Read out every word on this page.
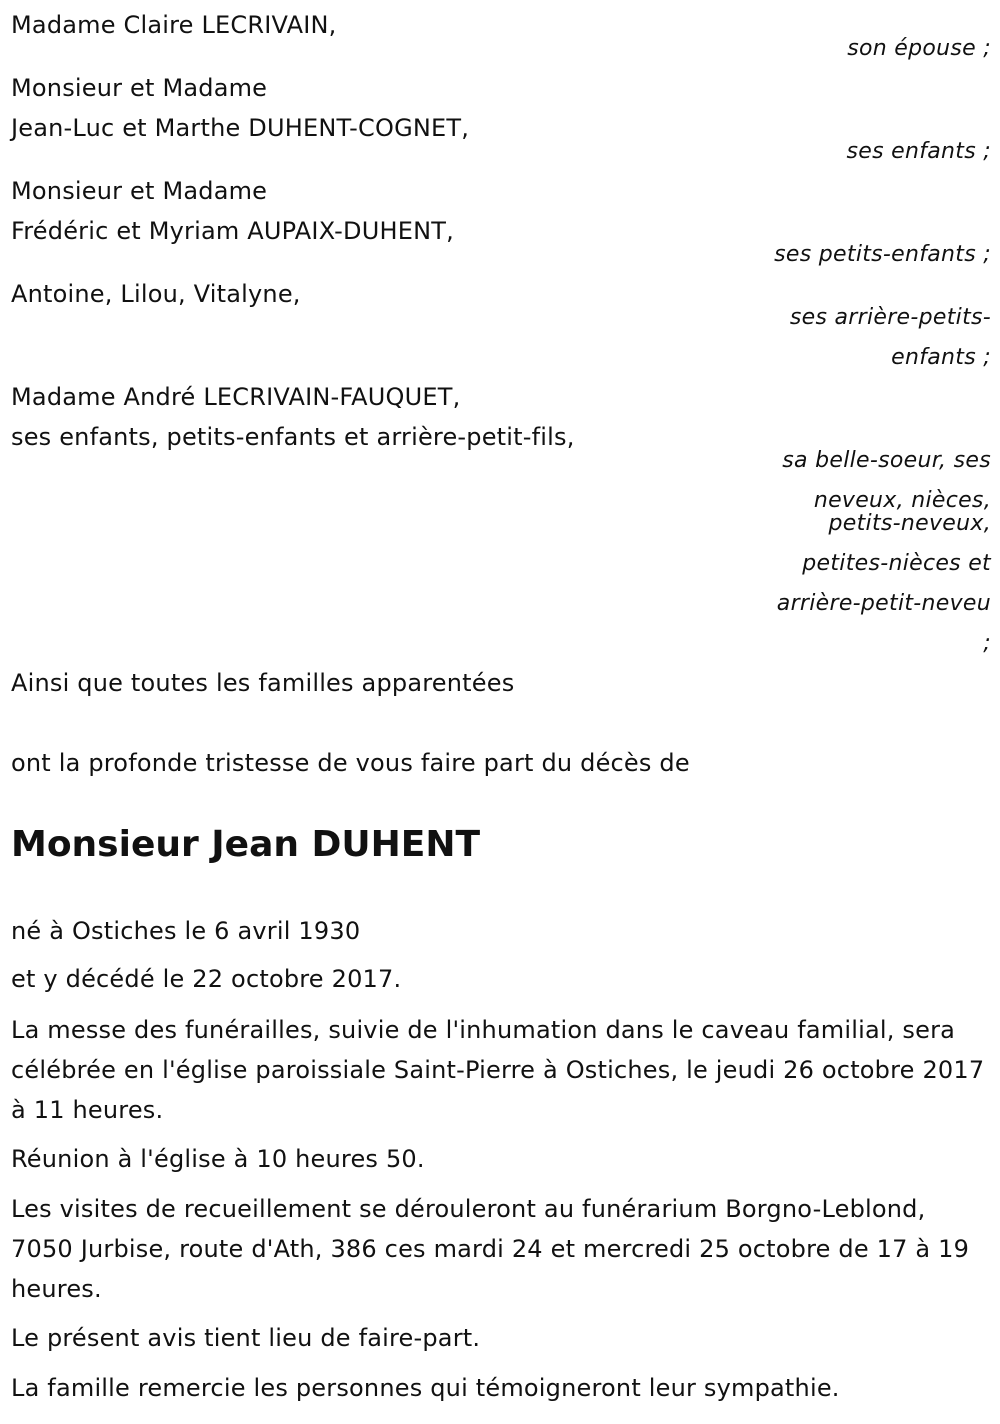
Madame Claire LECRIVAIN,
son épouse ;
Monsieur et Madame
Jean-Luc et Marthe DUHENT-COGNET,
ses enfants ;
Monsieur et Madame
Frédéric et Myriam AUPAIX-DUHENT,
ses petits-enfants ;
Antoine, Lilou, Vitalyne,
ses arrière-petits-
enfants ;
Madame André LECRIVAIN-FAUQUET,
ses enfants, petits-enfants et arrière-petit-fils,
sa belle-soeur, ses
neveux, nièces,
petits-neveux,
petites-nièces et
arrière-petit-neveu
;
Ainsi que toutes les familles apparentées
ont la profonde tristesse de vous faire part du décès de
Monsieur Jean DUHENT
né à Ostiches le 6 avril 1930
et y décédé le 22 octobre 2017.
La messe des funérailles, suivie de l'inhumation dans le caveau familial, sera célébrée en l'église paroissiale Saint-Pierre à Ostiches, le jeudi 26 octobre 2017 à 11 heures.
Réunion à l'église à 10 heures 50.
Les visites de recueillement se dérouleront au funérarium Borgno-Leblond, 7050 Jurbise, route d'Ath, 386 ces mardi 24 et mercredi 25 octobre de 17 à 19 heures.
Le présent avis tient lieu de faire-part.
La famille remercie les personnes qui témoigneront leur sympathie.
